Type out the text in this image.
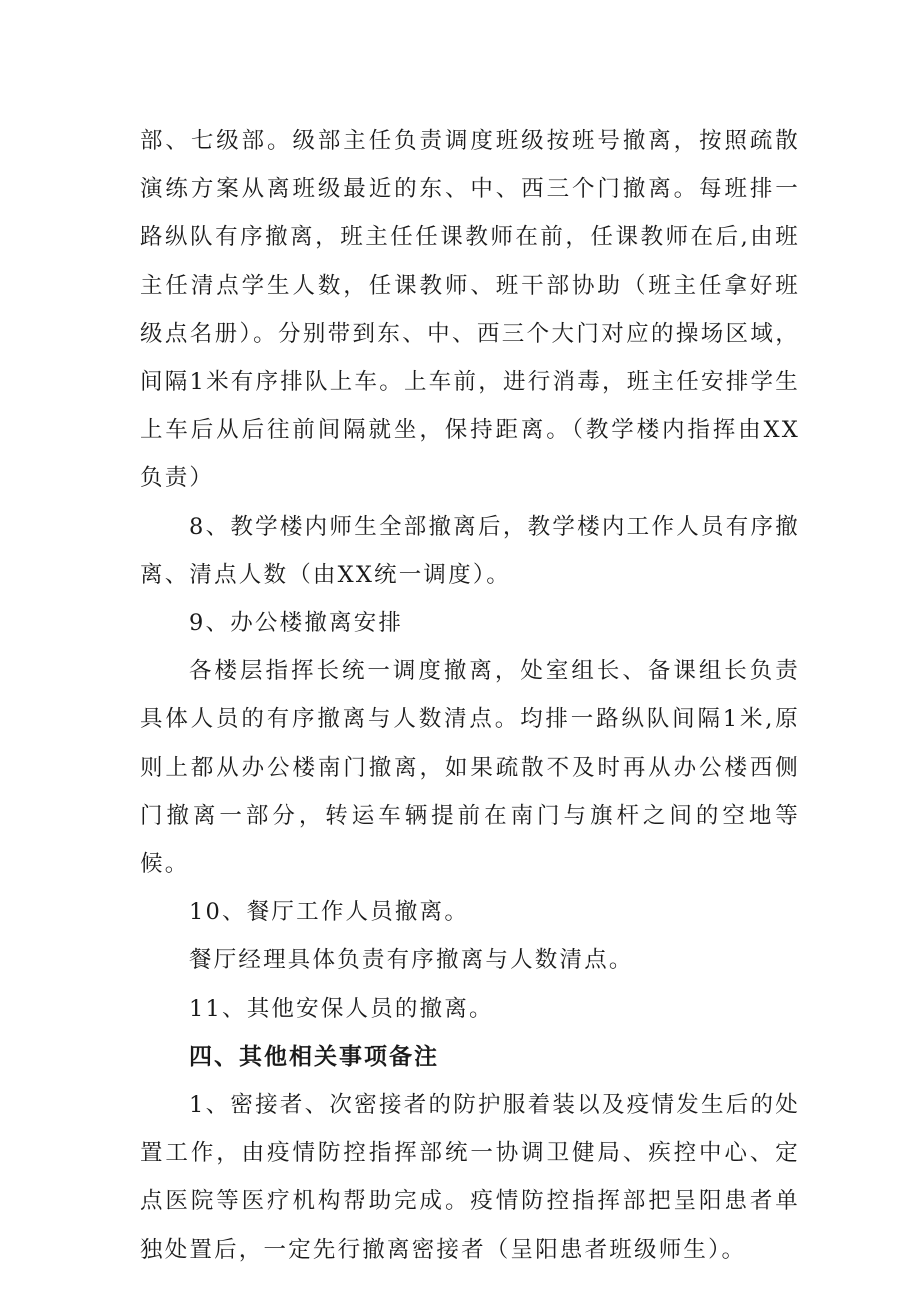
部、七级部。级部主任负责调度班级按班号撤离，按照疏散演练方案从离班级最近的东、中、西三个门撤离。每班排一路纵队有序撤离，班主任任课教师在前，任课教师在后,由班主任清点学生人数，任课教师、班干部协助（班主任拿好班级点名册）。分别带到东、中、西三个大门对应的操场区域，间隔1米有序排队上车。上车前，进行消毒，班主任安排学生上车后从后往前间隔就坐，保持距离。（教学楼内指挥由XX负责）

8、教学楼内师生全部撤离后，教学楼内工作人员有序撤离、清点人数（由XX统一调度）。

9、办公楼撤离安排

各楼层指挥长统一调度撤离，处室组长、备课组长负责具体人员的有序撤离与人数清点。均排一路纵队间隔1米,原则上都从办公楼南门撤离，如果疏散不及时再从办公楼西侧门撤离一部分，转运车辆提前在南门与旗杆之间的空地等候。

10、餐厅工作人员撤离。

餐厅经理具体负责有序撤离与人数清点。

11、其他安保人员的撤离。

四、其他相关事项备注

1、密接者、次密接者的防护服着装以及疫情发生后的处置工作，由疫情防控指挥部统一协调卫健局、疾控中心、定点医院等医疗机构帮助完成。疫情防控指挥部把呈阳患者单独处置后，一定先行撤离密接者（呈阳患者班级师生）。
